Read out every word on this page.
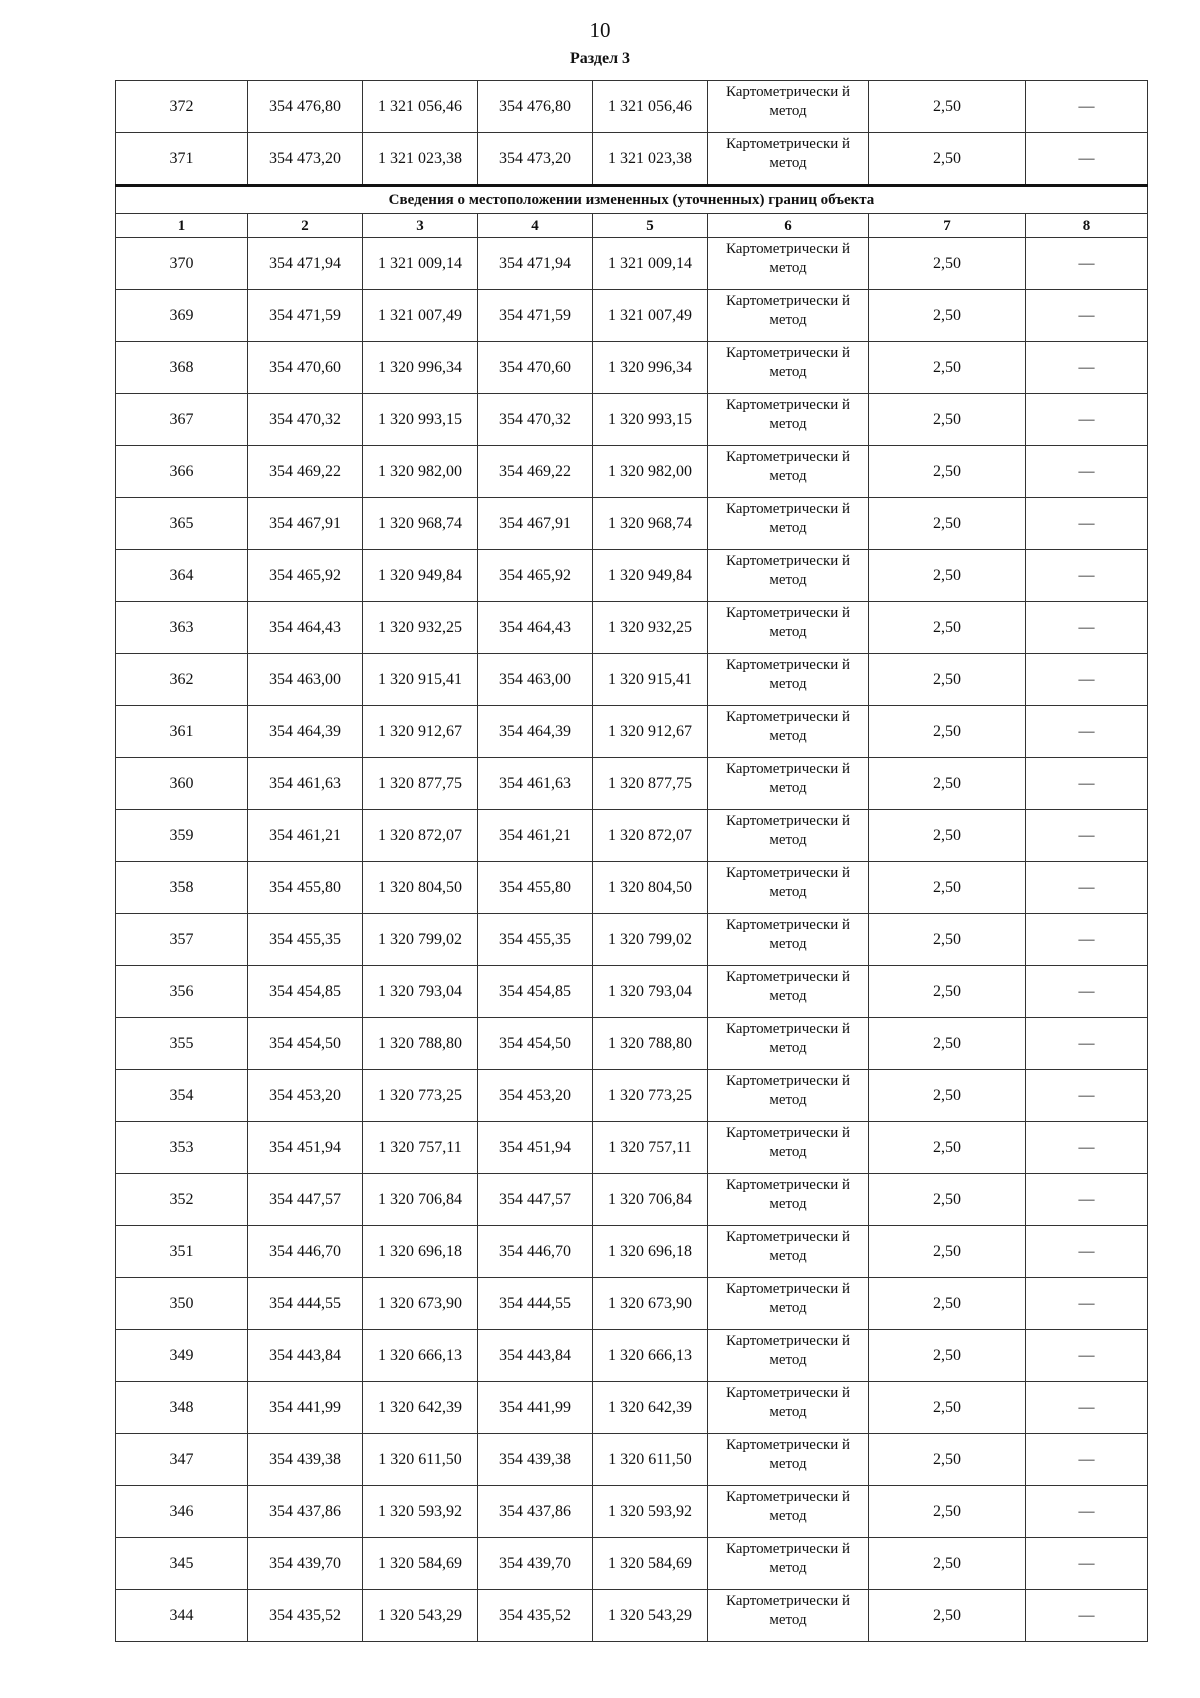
10
Раздел 3
372	354 476,80	1 321 056,46	354 476,80	1 321 056,46	Картометрически й метод	2,50	—
371	354 473,20	1 321 023,38	354 473,20	1 321 023,38	Картометрически й метод	2,50	—
Сведения о местоположении измененных (уточненных) границ объекта							
1	2	3	4	5	6	7	8
370	354 471,94	1 321 009,14	354 471,94	1 321 009,14	Картометрически й метод	2,50	—
369	354 471,59	1 321 007,49	354 471,59	1 321 007,49	Картометрически й метод	2,50	—
368	354 470,60	1 320 996,34	354 470,60	1 320 996,34	Картометрически й метод	2,50	—
367	354 470,32	1 320 993,15	354 470,32	1 320 993,15	Картометрически й метод	2,50	—
366	354 469,22	1 320 982,00	354 469,22	1 320 982,00	Картометрически й метод	2,50	—
365	354 467,91	1 320 968,74	354 467,91	1 320 968,74	Картометрически й метод	2,50	—
364	354 465,92	1 320 949,84	354 465,92	1 320 949,84	Картометрически й метод	2,50	—
363	354 464,43	1 320 932,25	354 464,43	1 320 932,25	Картометрически й метод	2,50	—
362	354 463,00	1 320 915,41	354 463,00	1 320 915,41	Картометрически й метод	2,50	—
361	354 464,39	1 320 912,67	354 464,39	1 320 912,67	Картометрически й метод	2,50	—
360	354 461,63	1 320 877,75	354 461,63	1 320 877,75	Картометрически й метод	2,50	—
359	354 461,21	1 320 872,07	354 461,21	1 320 872,07	Картометрически й метод	2,50	—
358	354 455,80	1 320 804,50	354 455,80	1 320 804,50	Картометрически й метод	2,50	—
357	354 455,35	1 320 799,02	354 455,35	1 320 799,02	Картометрически й метод	2,50	—
356	354 454,85	1 320 793,04	354 454,85	1 320 793,04	Картометрически й метод	2,50	—
355	354 454,50	1 320 788,80	354 454,50	1 320 788,80	Картометрически й метод	2,50	—
354	354 453,20	1 320 773,25	354 453,20	1 320 773,25	Картометрически й метод	2,50	—
353	354 451,94	1 320 757,11	354 451,94	1 320 757,11	Картометрически й метод	2,50	—
352	354 447,57	1 320 706,84	354 447,57	1 320 706,84	Картометрически й метод	2,50	—
351	354 446,70	1 320 696,18	354 446,70	1 320 696,18	Картометрически й метод	2,50	—
350	354 444,55	1 320 673,90	354 444,55	1 320 673,90	Картометрически й метод	2,50	—
349	354 443,84	1 320 666,13	354 443,84	1 320 666,13	Картометрически й метод	2,50	—
348	354 441,99	1 320 642,39	354 441,99	1 320 642,39	Картометрически й метод	2,50	—
347	354 439,38	1 320 611,50	354 439,38	1 320 611,50	Картометрически й метод	2,50	—
346	354 437,86	1 320 593,92	354 437,86	1 320 593,92	Картометрически й метод	2,50	—
345	354 439,70	1 320 584,69	354 439,70	1 320 584,69	Картометрически й метод	2,50	—
344	354 435,52	1 320 543,29	354 435,52	1 320 543,29	Картометрически й метод	2,50	—
